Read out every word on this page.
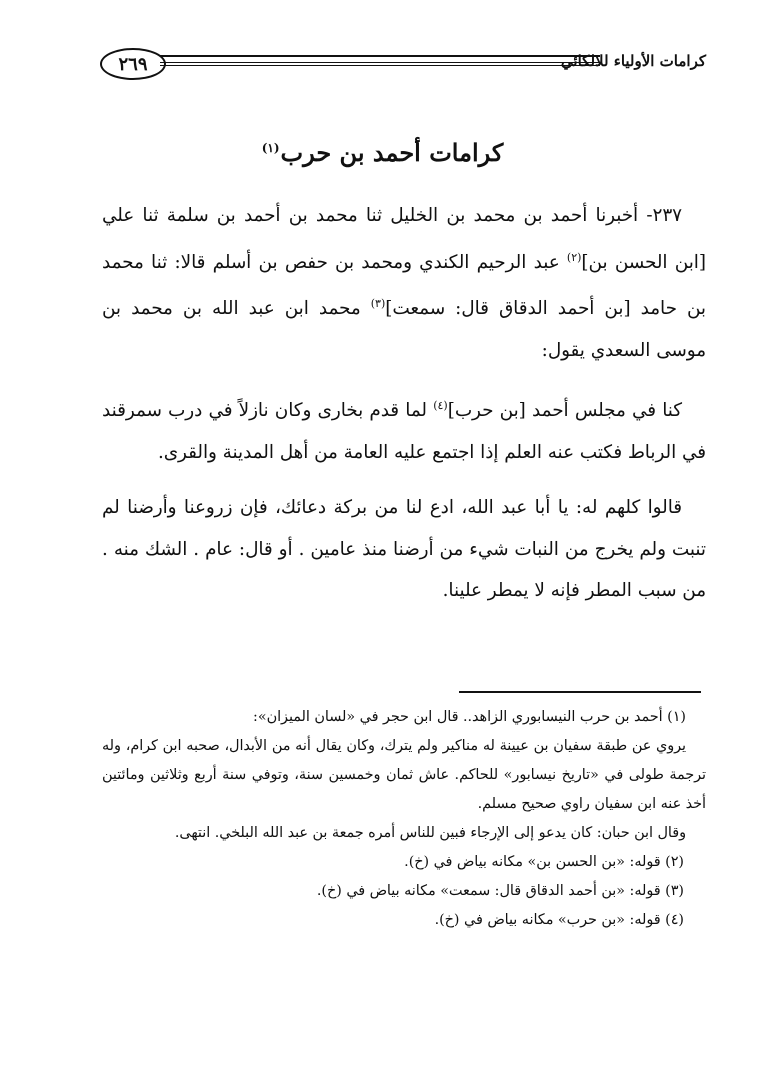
٢٦٩	كرامات الأولياء للالكائي
كرامات أحمد بن حرب$^{(١)}$

٢٣٧- أخبرنا أحمد بن محمد بن الخليل ثنا محمد بن أحمد بن سلمة ثنا علي [ابن الحسن بن]$^{(٢)}$ عبد الرحيم الكندي ومحمد بن حفص بن أسلم قالا: ثنا محمد بن حامد [بن أحمد الدقاق قال: سمعت]$^{(٣)}$ محمد ابن عبد الله بن محمد بن موسى السعدي يقول:

كنا في مجلس أحمد [بن حرب]$^{(٤)}$ لما قدم بخارى وكان نازلاً في درب سمرقند في الرباط فكتب عنه العلم إذا اجتمع عليه العامة من أهل المدينة والقرى.

قالوا كلهم له: يا أبا عبد الله، ادع لنا من بركة دعائك، فإن زروعنا وأرضنا لم تنبت ولم يخرج من النبات شيء من أرضنا منذ عامين . أو قال: عام . الشك منه . من سبب المطر فإنه لا يمطر علينا.

(١) أحمد بن حرب النيسابوري الزاهد.. قال ابن حجر في «لسان الميزان»:

يروي عن طبقة سفيان بن عيينة له مناكير ولم يترك، وكان يقال أنه من الأبدال، صحبه ابن كرام، وله ترجمة طولى في «تاريخ نيسابور» للحاكم. عاش ثمان وخمسين سنة، وتوفي سنة أربع وثلاثين ومائتين أخذ عنه ابن سفيان راوي صحيح مسلم.

وقال ابن حبان: كان يدعو إلى الإرجاء فبين للناس أمره جمعة بن عبد الله البلخي. انتهى.

(٢) قوله: «بن الحسن بن» مكانه بياض في (خ).

(٣) قوله: «بن أحمد الدقاق قال: سمعت» مكانه بياض في (خ).

(٤) قوله: «بن حرب» مكانه بياض في (خ).
